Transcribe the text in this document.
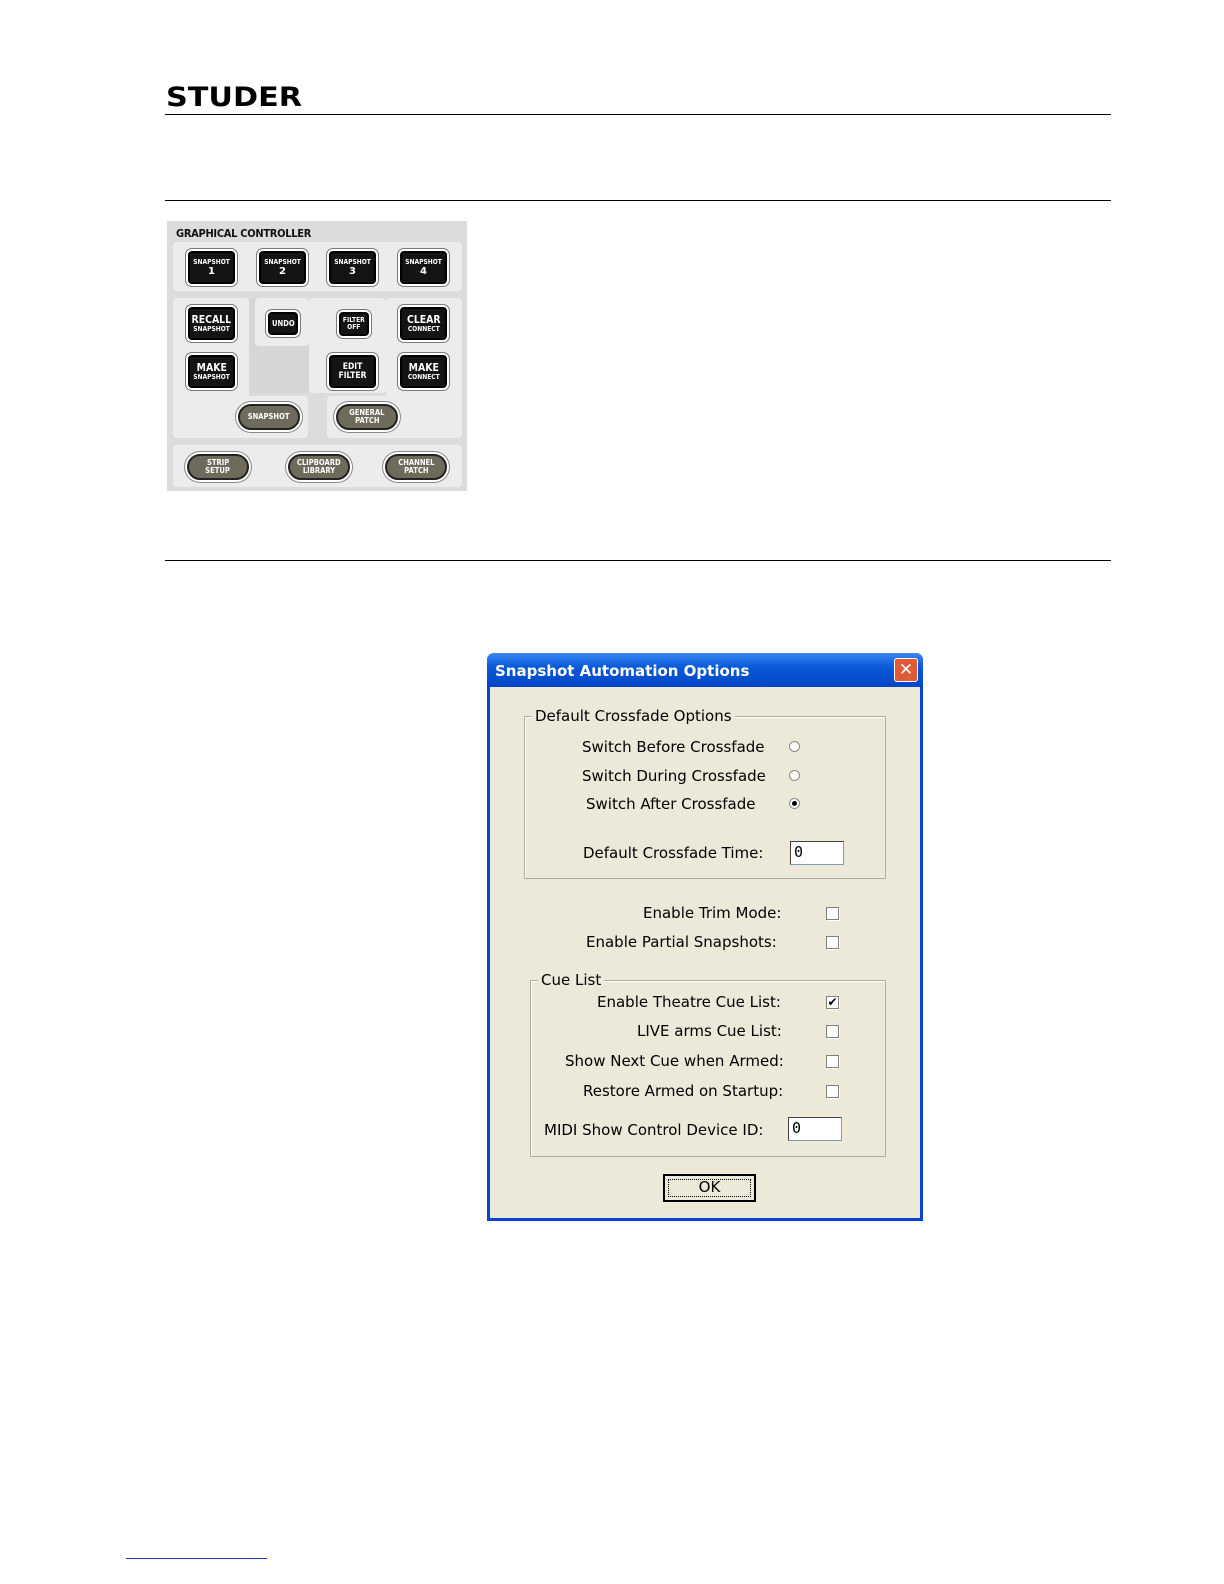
STUDER
GRAPHICAL CONTROLLER
SNAPSHOT
1
SNAPSHOT
2
SNAPSHOT
3
SNAPSHOT
4
RECALL
SNAPSHOT
UNDO	FILTER
OFF
CLEAR
CONNECT
MAKE
SNAPSHOT
EDIT
FILTER
MAKE
CONNECT
SNAPSHOT	GENERAL
PATCH
STRIP
SETUP
CLIPBOARD
LIBRARY
CHANNEL
PATCH
Snapshot Automation Options	✕
Default Crossfade Options
Switch Before Crossfade
Switch During Crossfade
Switch After Crossfade
Default Crossfade Time: 0
Enable Trim Mode:
Enable Partial Snapshots:
Cue List
Enable Theatre Cue List:	✔
LIVE arms Cue List:
Show Next Cue when Armed:
Restore Armed on Startup:
MIDI Show Control Device ID: 0
OK
